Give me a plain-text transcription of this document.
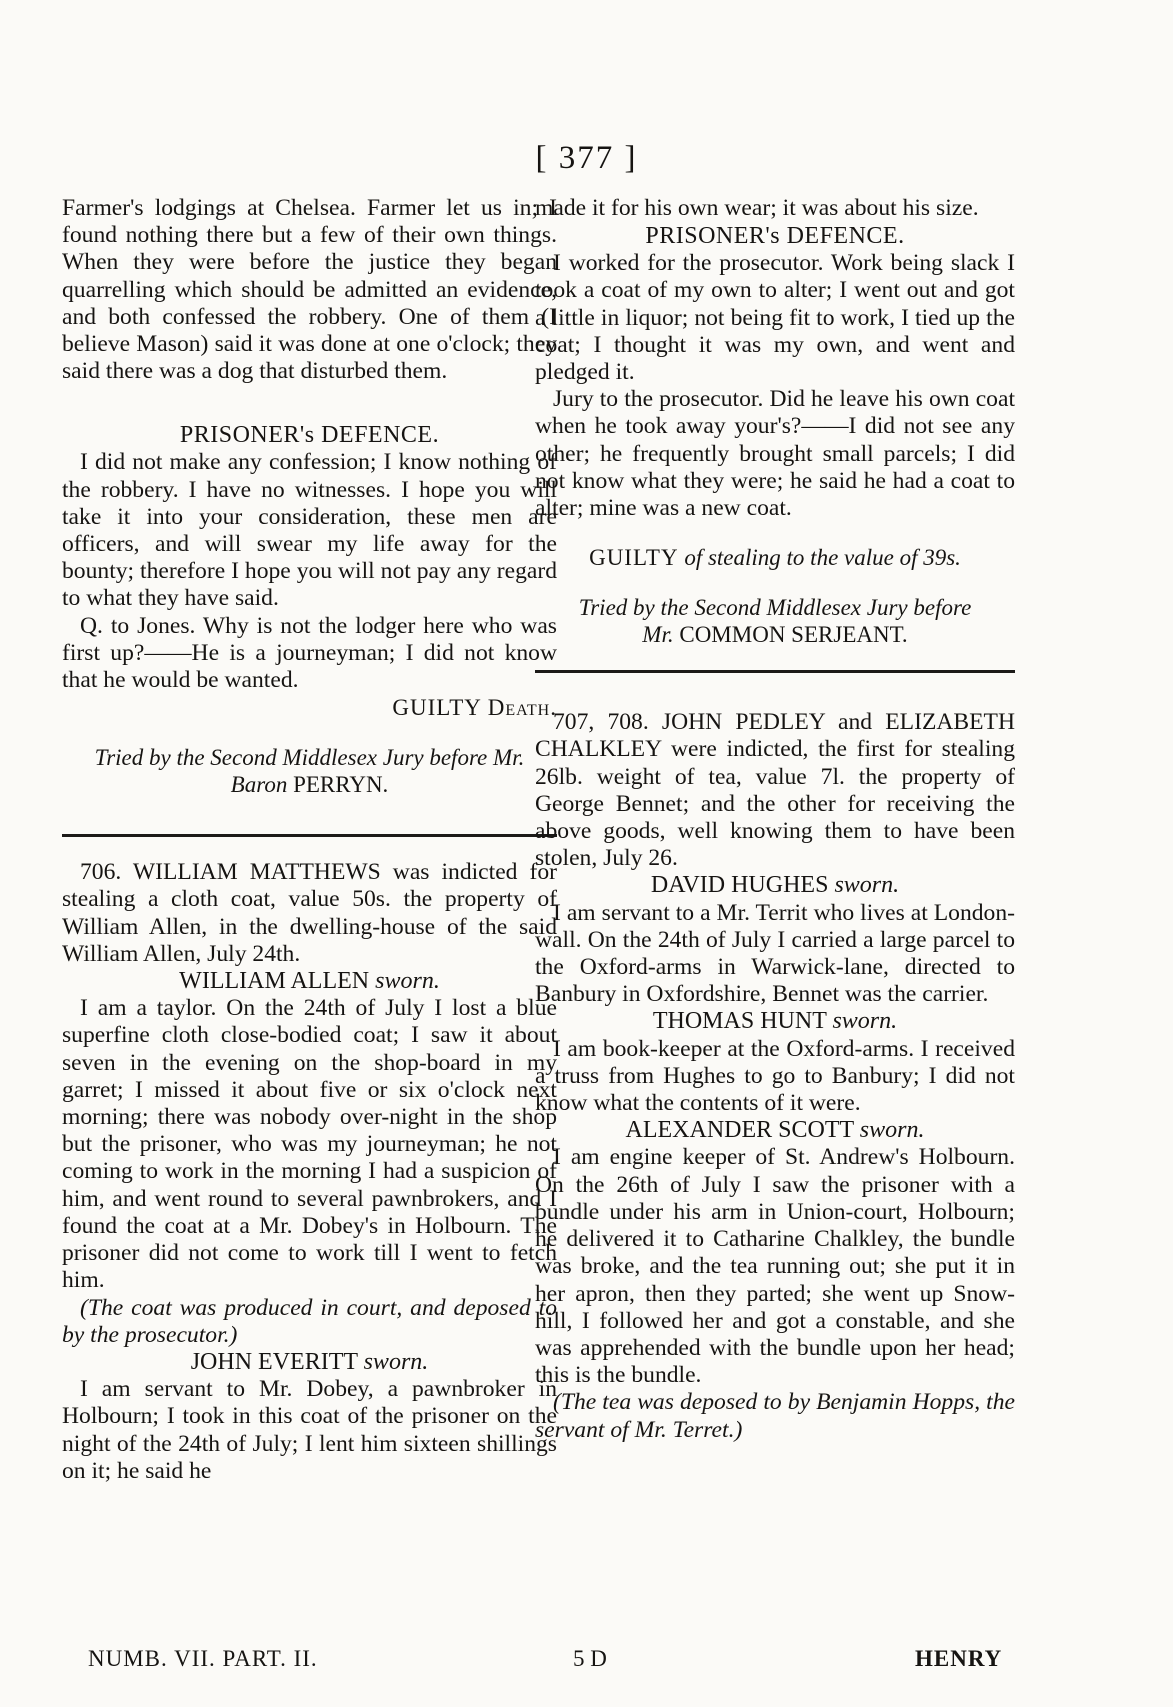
[ 377 ]

Farmer's lodgings at Chelsea. Farmer let us in; I found nothing there but a few of their own things. When they were before the justice they began quarrelling which should be admitted an evidence, and both confessed the robbery. One of them (I believe Mason) said it was done at one o'clock; they said there was a dog that disturbed them.

PRISONER's DEFENCE.

I did not make any confession; I know nothing of the robbery. I have no witnesses. I hope you will take it into your consideration, these men are officers, and will swear my life away for the bounty; therefore I hope you will not pay any regard to what they have said.

Q. to Jones. Why is not the lodger here who was first up?——He is a journeyman; I did not know that he would be wanted.

GUILTY Death.
Tried by the Second Middlesex Jury before Mr.
Baron PERRYN.

706. WILLIAM MATTHEWS was indicted for stealing a cloth coat, value 50s. the property of William Allen, in the dwelling-house of the said William Allen, July 24th.

WILLIAM ALLEN sworn.

I am a taylor. On the 24th of July I lost a blue superfine cloth close-bodied coat; I saw it about seven in the evening on the shop-board in my garret; I missed it about five or six o'clock next morning; there was nobody over-night in the shop but the prisoner, who was my journeyman; he not coming to work in the morning I had a suspicion of him, and went round to several pawnbrokers, and I found the coat at a Mr. Dobey's in Holbourn. The prisoner did not come to work till I went to fetch him.

(The coat was produced in court, and deposed to by the prosecutor.)

JOHN EVERITT sworn.

I am servant to Mr. Dobey, a pawnbroker in Holbourn; I took in this coat of the prisoner on the night of the 24th of July; I lent him sixteen shillings on it; he said he

made it for his own wear; it was about his size.

PRISONER's DEFENCE.

I worked for the prosecutor. Work being slack I took a coat of my own to alter; I went out and got a little in liquor; not being fit to work, I tied up the coat; I thought it was my own, and went and pledged it.

Jury to the prosecutor. Did he leave his own coat when he took away your's?——I did not see any other; he frequently brought small parcels; I did not know what they were; he said he had a coat to alter; mine was a new coat.

GUILTY of stealing to the value of 39s.
Tried by the Second Middlesex Jury before
Mr. COMMON SERJEANT.

707, 708. JOHN PEDLEY and ELIZABETH CHALKLEY were indicted, the first for stealing 26lb. weight of tea, value 7l. the property of George Bennet; and the other for receiving the above goods, well knowing them to have been stolen, July 26.

DAVID HUGHES sworn.

I am servant to a Mr. Territ who lives at London-wall. On the 24th of July I carried a large parcel to the Oxford-arms in Warwick-lane, directed to Banbury in Oxfordshire, Bennet was the carrier.

THOMAS HUNT sworn.

I am book-keeper at the Oxford-arms. I received a truss from Hughes to go to Banbury; I did not know what the contents of it were.

ALEXANDER SCOTT sworn.

I am engine keeper of St. Andrew's Holbourn. On the 26th of July I saw the prisoner with a bundle under his arm in Union-court, Holbourn; he delivered it to Catharine Chalkley, the bundle was broke, and the tea running out; she put it in her apron, then they parted; she went up Snow-hill, I followed her and got a constable, and she was apprehended with the bundle upon her head; this is the bundle.

(The tea was deposed to by Benjamin Hopps, the servant of Mr. Terret.)

NUMB. VII. PART. II.	5 D	HENRY
